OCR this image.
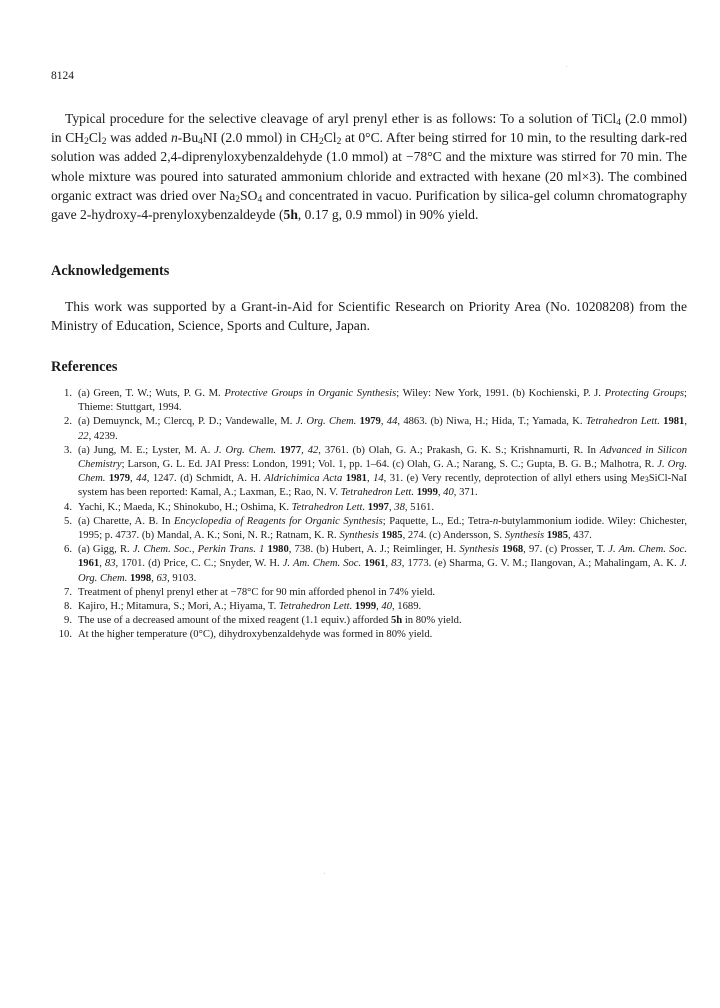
8124

Typical procedure for the selective cleavage of aryl prenyl ether is as follows: To a solution of TiCl$_4$ (2.0 mmol) in $CH_2Cl_2$ was added $n-Bu_4NI$ (2.0 mmol) in $CH_2Cl_2$ at 0°C. After being stirred for 10 min, to the resulting dark-red solution was added 2,4-diprenyloxybenzaldehyde (1.0 mmol) at −78°C and the mixture was stirred for 70 min. The whole mixture was poured into saturated ammonium chloride and extracted with hexane (20 ml×3). The combined organic extract was dried over $Na_2SO_4$ and concentrated in vacuo. Purification by silica-gel column chromatography gave 2-hydroxy-4-prenyloxybenzaldeyde (5h, 0.17 g, 0.9 mmol) in 90% yield.

Acknowledgements

This work was supported by a Grant-in-Aid for Scientific Research on Priority Area (No. 10208208) from the Ministry of Education, Science, Sports and Culture, Japan.

References
1. (a) Green, T. W.; Wuts, P. G. M. Protective Groups in Organic Synthesis; Wiley: New York, 1991. (b) Kochienski, P. J. Protecting Groups; Thieme: Stuttgart, 1994.
2. (a) Demuynck, M.; Clercq, P. D.; Vandewalle, M. J. Org. Chem. 1979, 44, 4863. (b) Niwa, H.; Hida, T.; Yamada, K. Tetrahedron Lett. 1981, 22, 4239.
3. (a) Jung, M. E.; Lyster, M. A. J. Org. Chem. 1977, 42, 3761. (b) Olah, G. A.; Prakash, G. K. S.; Krishnamurti, R. In Advanced in Silicon Chemistry; Larson, G. L. Ed. JAI Press: London, 1991; Vol. 1, pp. 1–64. (c) Olah, G. A.; Narang, S. C.; Gupta, B. G. B.; Malhotra, R. J. Org. Chem. 1979, 44, 1247. (d) Schmidt, A. H. Aldrichimica Acta 1981, 14, 31. (e) Very recently, deprotection of allyl ethers using $Me_3SiCl$-NaI system has been reported: Kamal, A.; Laxman, E.; Rao, N. V. Tetrahedron Lett. 1999, 40, 371.
4. Yachi, K.; Maeda, K.; Shinokubo, H.; Oshima, K. Tetrahedron Lett. 1997, 38, 5161.
5. (a) Charette, A. B. In Encyclopedia of Reagents for Organic Synthesis; Paquette, L., Ed.; Tetra-n-butylammonium iodide. Wiley: Chichester, 1995; p. 4737. (b) Mandal, A. K.; Soni, N. R.; Ratnam, K. R. Synthesis 1985, 274. (c) Andersson, S. Synthesis 1985, 437.
6. (a) Gigg, R. J. Chem. Soc., Perkin Trans. 1 1980, 738. (b) Hubert, A. J.; Reimlinger, H. Synthesis 1968, 97. (c) Prosser, T. J. Am. Chem. Soc. 1961, 83, 1701. (d) Price, C. C.; Snyder, W. H. J. Am. Chem. Soc. 1961, 83, 1773. (e) Sharma, G. V. M.; Ilangovan, A.; Mahalingam, A. K. J. Org. Chem. 1998, 63, 9103.
7. Treatment of phenyl prenyl ether at −78°C for 90 min afforded phenol in 74% yield.
8. Kajiro, H.; Mitamura, S.; Mori, A.; Hiyama, T. Tetrahedron Lett. 1999, 40, 1689.
9. The use of a decreased amount of the mixed reagent (1.1 equiv.) afforded 5h in 80% yield.
10. At the higher temperature (0°C), dihydroxybenzaldehyde was formed in 80% yield.
